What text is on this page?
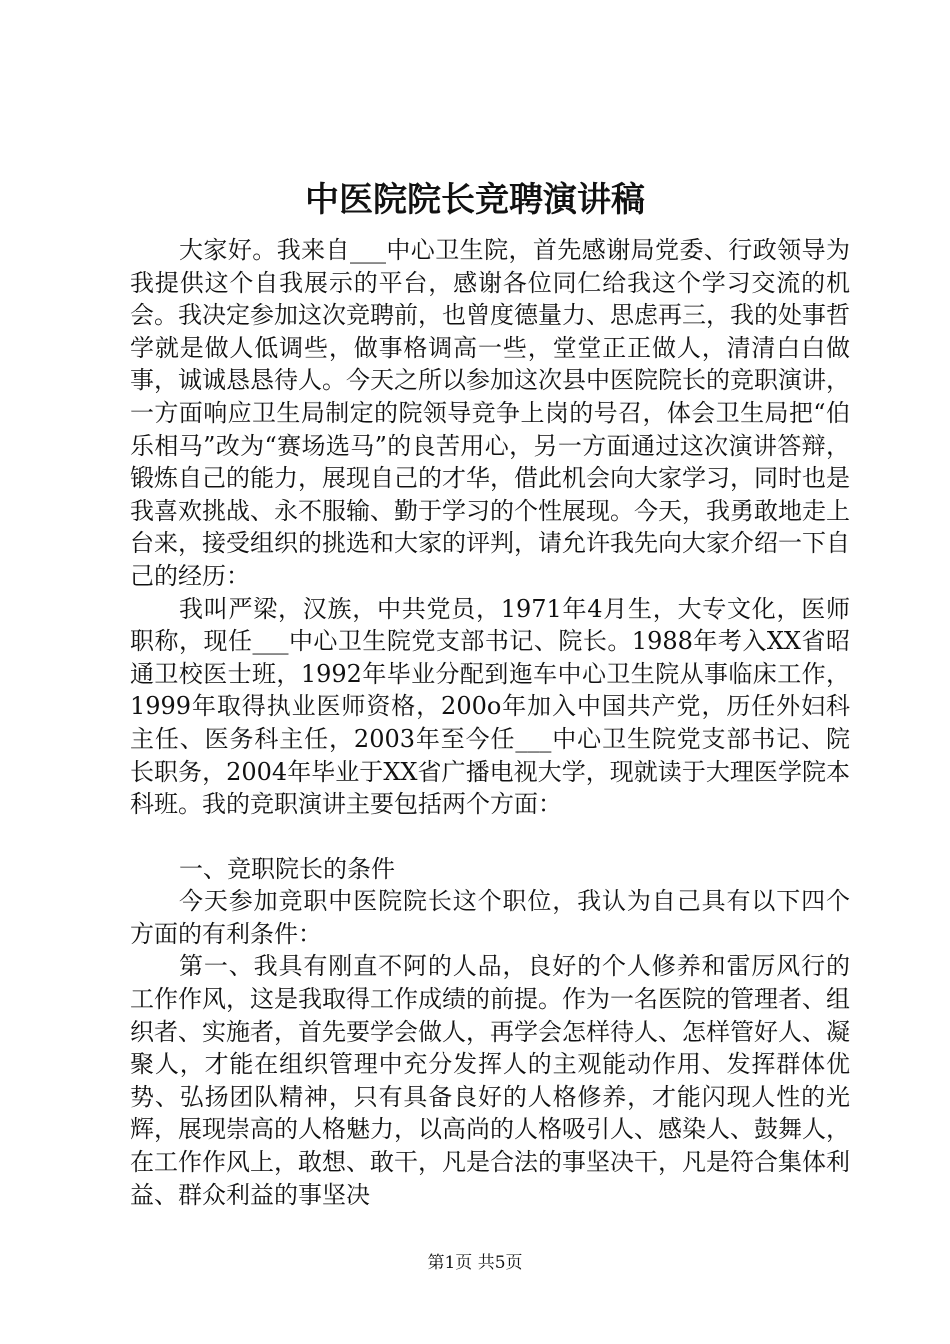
中医院院长竞聘演讲稿

大家好。我来自___中心卫生院，首先感谢局党委、行政领导为我提供这个自我展示的平台，感谢各位同仁给我这个学习交流的机会。我决定参加这次竞聘前，也曾度德量力、思虑再三，我的处事哲学就是做人低调些，做事格调高一些，堂堂正正做人，清清白白做事，诚诚恳恳待人。今天之所以参加这次县中医院院长的竞职演讲，一方面响应卫生局制定的院领导竞争上岗的号召，体会卫生局把“伯乐相马”改为“赛场选马”的良苦用心，另一方面通过这次演讲答辩，锻炼自己的能力，展现自己的才华，借此机会向大家学习，同时也是我喜欢挑战、永不服输、勤于学习的个性展现。今天，我勇敢地走上台来，接受组织的挑选和大家的评判，请允许我先向大家介绍一下自己的经历：

我叫严梁，汉族，中共党员，1971年4月生，大专文化，医师职称，现任___中心卫生院党支部书记、院长。1988年考入XX省昭通卫校医士班，1992年毕业分配到迤车中心卫生院从事临床工作，1999年取得执业医师资格，200o年加入中国共产党，历任外妇科主任、医务科主任，2003年至今任___中心卫生院党支部书记、院长职务，2004年毕业于XX省广播电视大学，现就读于大理医学院本科班。我的竞职演讲主要包括两个方面：

一、竞职院长的条件

今天参加竞职中医院院长这个职位，我认为自己具有以下四个方面的有利条件：

第一、我具有刚直不阿的人品，良好的个人修养和雷厉风行的工作作风，这是我取得工作成绩的前提。作为一名医院的管理者、组织者、实施者，首先要学会做人，再学会怎样待人、怎样管好人、凝聚人，才能在组织管理中充分发挥人的主观能动作用、发挥群体优势、弘扬团队精神，只有具备良好的人格修养，才能闪现人性的光辉，展现崇高的人格魅力，以高尚的人格吸引人、感染人、鼓舞人，在工作作风上，敢想、敢干，凡是合法的事坚决干，凡是符合集体利益、群众利益的事坚决

第1页 共5页
